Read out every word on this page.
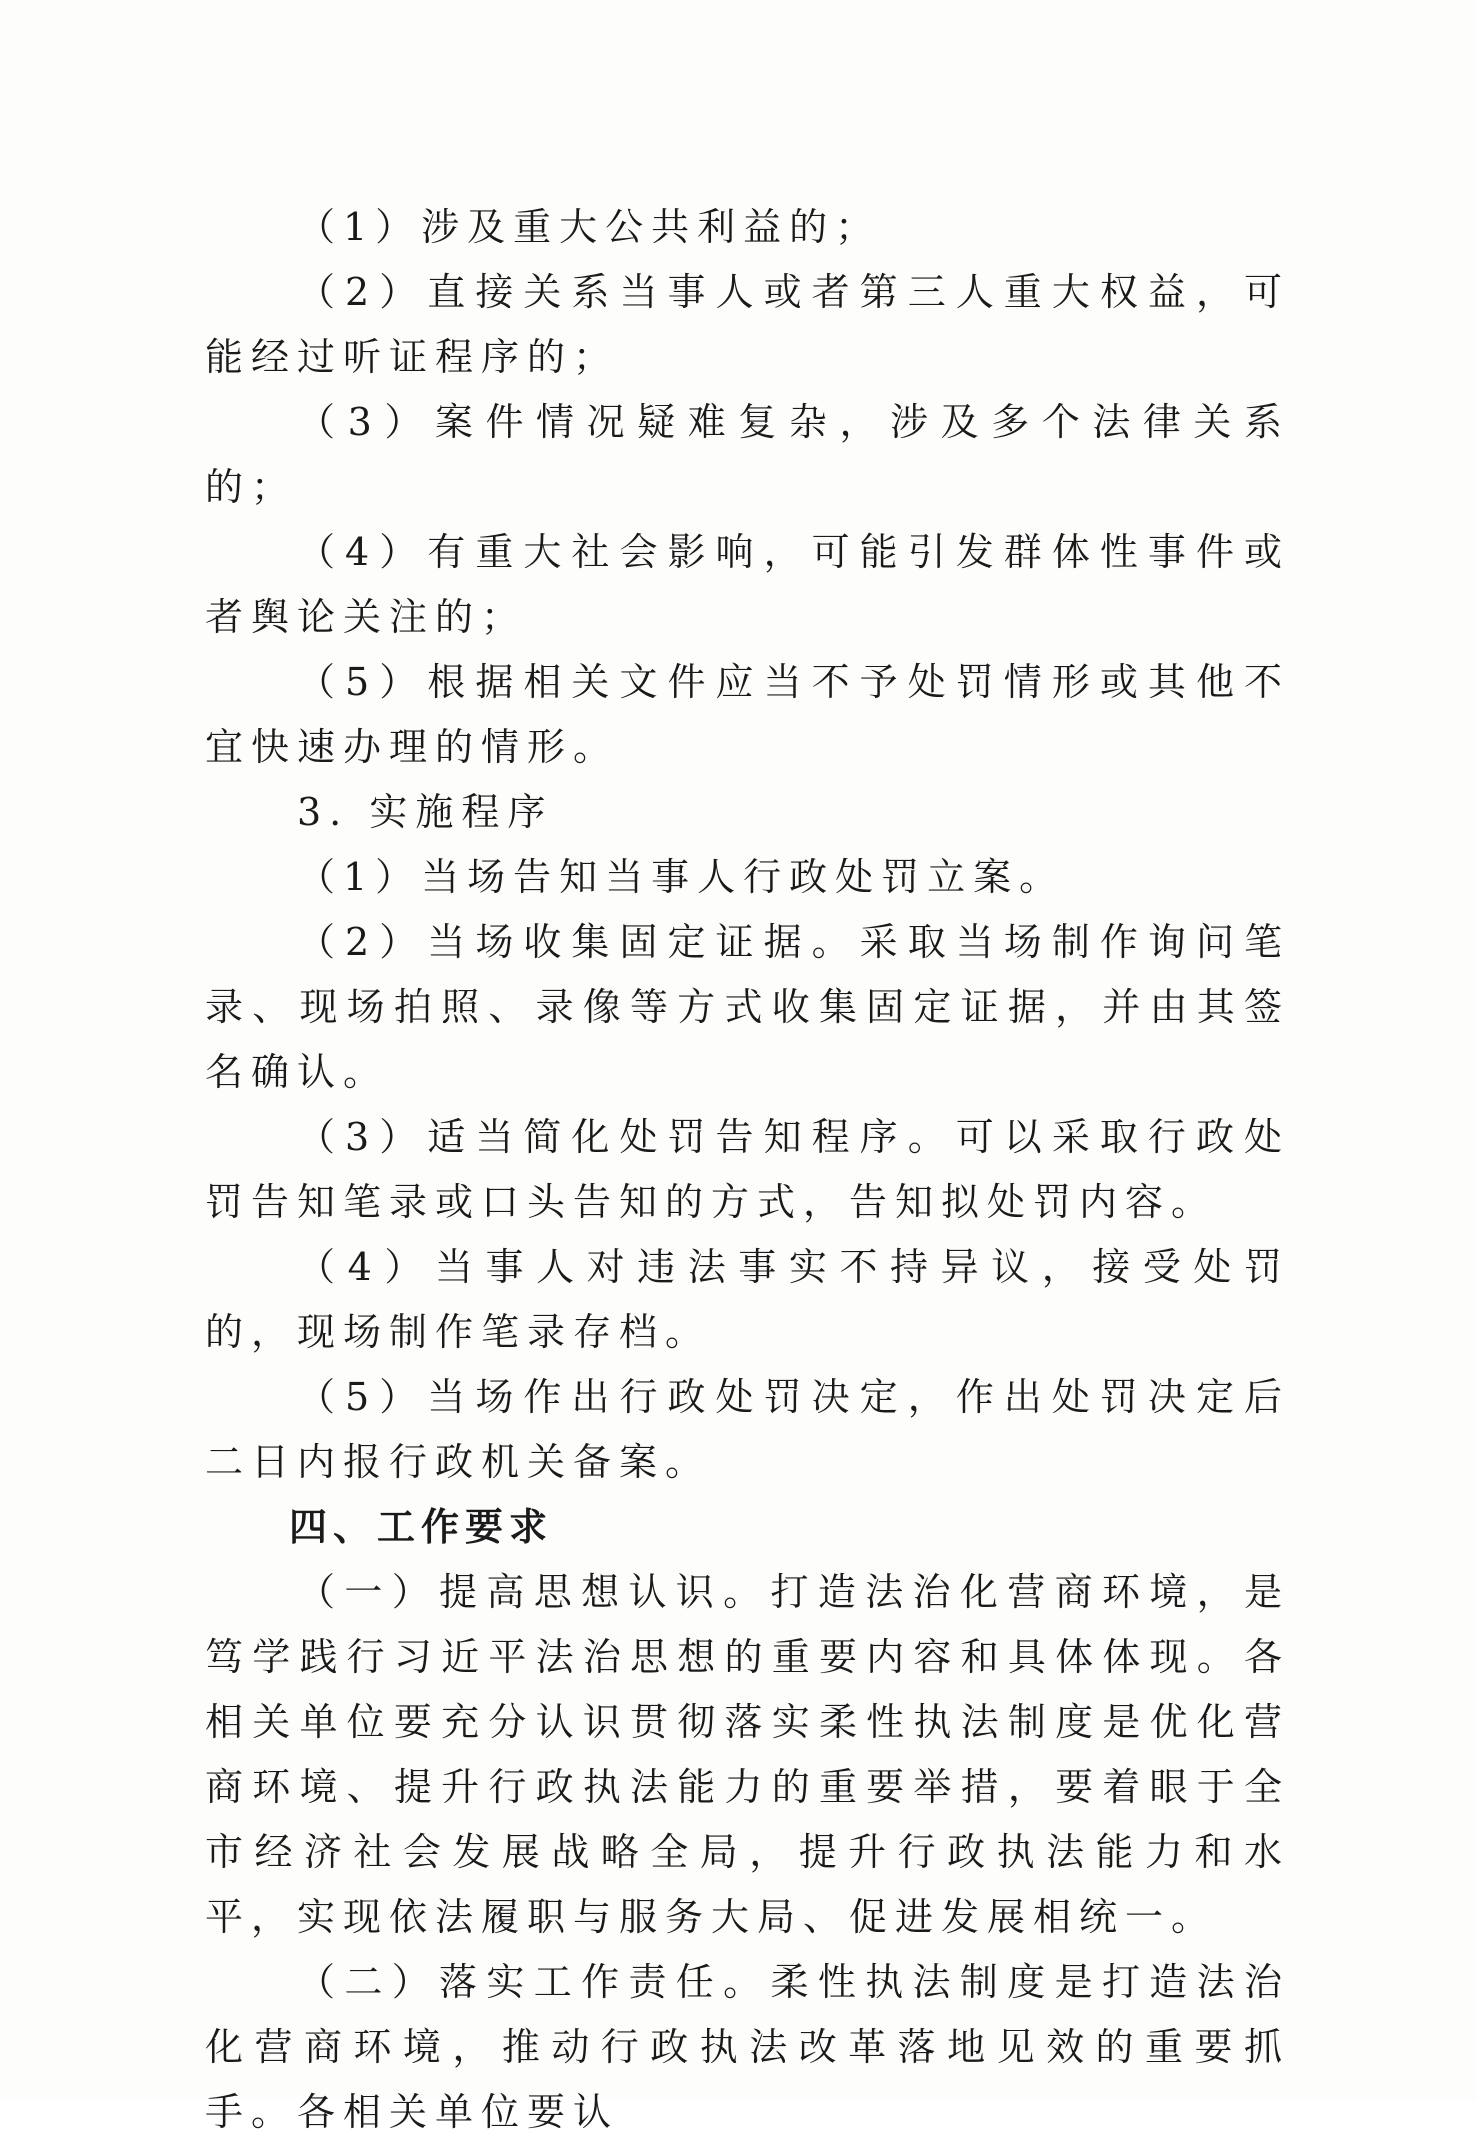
（1）涉及重大公共利益的；

（2）直接关系当事人或者第三人重大权益，可能经过听证程序的；

（3）案件情况疑难复杂，涉及多个法律关系的；

（4）有重大社会影响，可能引发群体性事件或者舆论关注的；

（5）根据相关文件应当不予处罚情形或其他不宜快速办理的情形。

3. 实施程序

（1）当场告知当事人行政处罚立案。

（2）当场收集固定证据。采取当场制作询问笔录、现场拍照、录像等方式收集固定证据，并由其签名确认。

（3）适当简化处罚告知程序。可以采取行政处罚告知笔录或口头告知的方式，告知拟处罚内容。

（4）当事人对违法事实不持异议，接受处罚的，现场制作笔录存档。

（5）当场作出行政处罚决定，作出处罚决定后二日内报行政机关备案。

四、工作要求

（一）提高思想认识。打造法治化营商环境，是笃学践行习近平法治思想的重要内容和具体体现。各相关单位要充分认识贯彻落实柔性执法制度是优化营商环境、提升行政执法能力的重要举措，要着眼于全市经济社会发展战略全局，提升行政执法能力和水平，实现依法履职与服务大局、促进发展相统一。

（二）落实工作责任。柔性执法制度是打造法治化营商环境，推动行政执法改革落地见效的重要抓手。各相关单位要认
